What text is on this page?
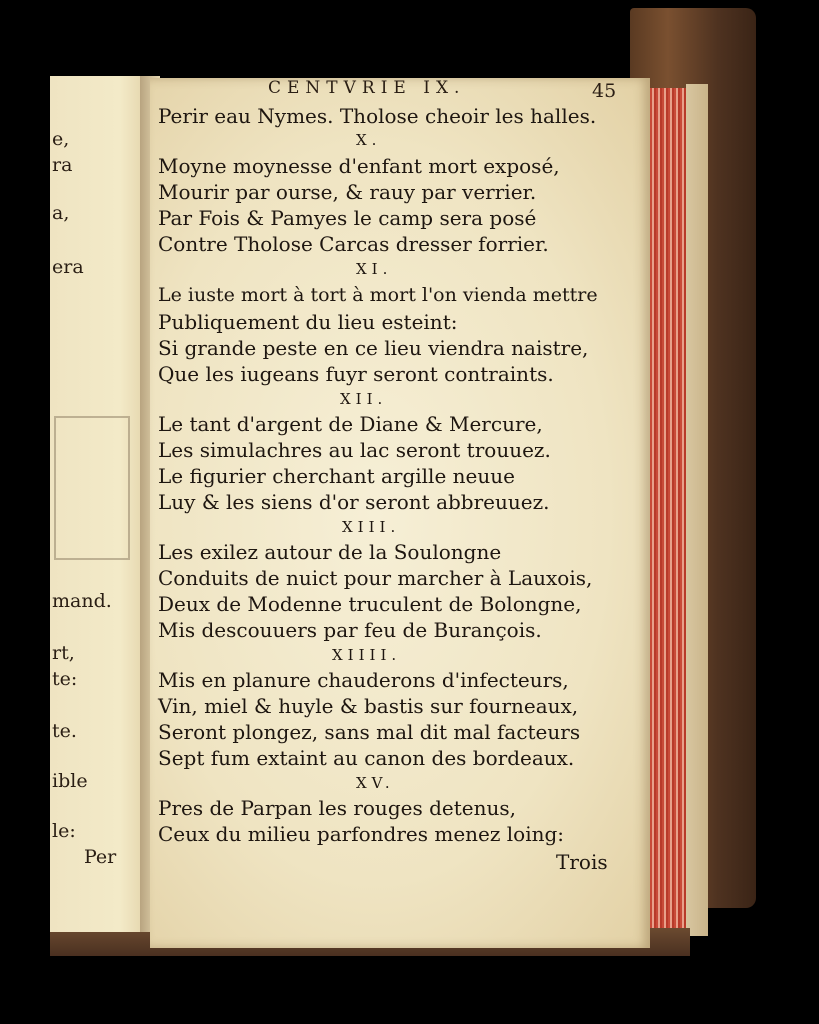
e,
ra
a,
era
mand.
rt,
te:
te.
ible
le:
Per
CENTVRIE IX.	45
Perir eau Nymes. Tholose cheoir les halles.
X.
Moyne moynesse d'enfant mort exposé,
Mourir par ourse, & rauy par verrier.
Par Fois & Pamyes le camp sera posé
Contre Tholose Carcas dresser forrier.
XI.
Le iuste mort à tort à mort l'on vienda mettre
Publiquement du lieu esteint:
Si grande peste en ce lieu viendra naistre,
Que les iugeans fuyr seront contraints.
XII.
Le tant d'argent de Diane & Mercure,
Les simulachres au lac seront trouuez.
Le figurier cherchant argille neuue
Luy & les siens d'or seront abbreuuez.
XIII.
Les exilez autour de la Soulongne
Conduits de nuict pour marcher à Lauxois,
Deux de Modenne truculent de Bolongne,
Mis descouuers par feu de Burançois.
XIIII.
Mis en planure chauderons d'infecteurs,
Vin, miel & huyle & bastis sur fourneaux,
Seront plongez, sans mal dit mal facteurs
Sept fum extaint au canon des bordeaux.
XV.
Pres de Parpan les rouges detenus,
Ceux du milieu parfondres menez loing:
Trois
